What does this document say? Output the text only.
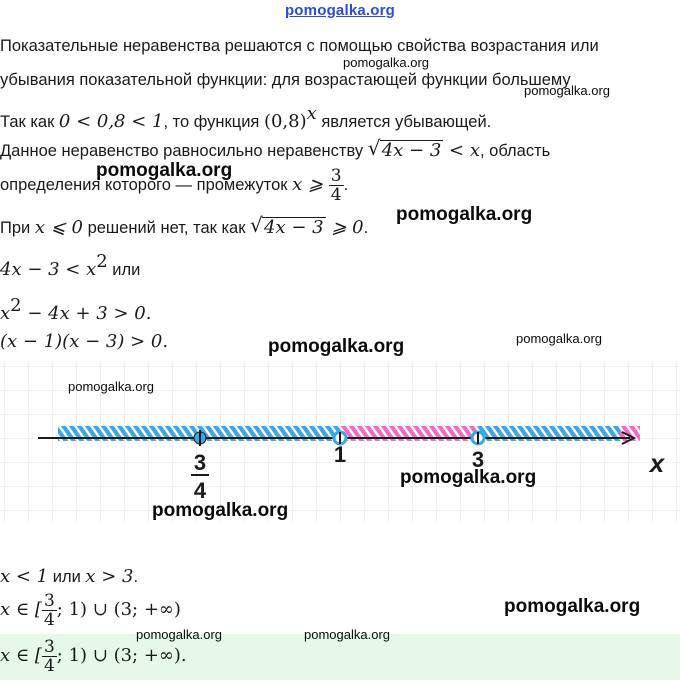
pomogalka.org
Показательные неравенства решаются с помощью свойства возрастания или
убывания показательной функции: для возрастающей функции большему
Так как 0 < 0,8 < 1, то функция $(0,8)^x$ является убывающей.
Данное неравенство равносильно неравенству √ 4x − 3 < x, область
определения которого — промежуток x ⩾ $\frac{3}{4}$ .
При x ⩽ 0 решений нет, так как √ 4x − 3 ⩾ 0.
$4x - 3 < x^2$ или
$x^2 - 4x + 3 > 0$.
(x − 1)(x − 3) > 0.
3
4
1	3	x
x < 1 или x > 3.
x ∈ [ $\frac{3}{4}$ ; 1) ∪ (3; +∞)
x ∈ [ $\frac{3}{4}$ ; 1) ∪ (3; +∞).
pomogalka.org
pomogalka.org
pomogalka.org
pomogalka.org
pomogalka.org	pomogalka.org
pomogalka.org
pomogalka.org
pomogalka.org
pomogalka.org
pomogalka.org	pomogalka.org
